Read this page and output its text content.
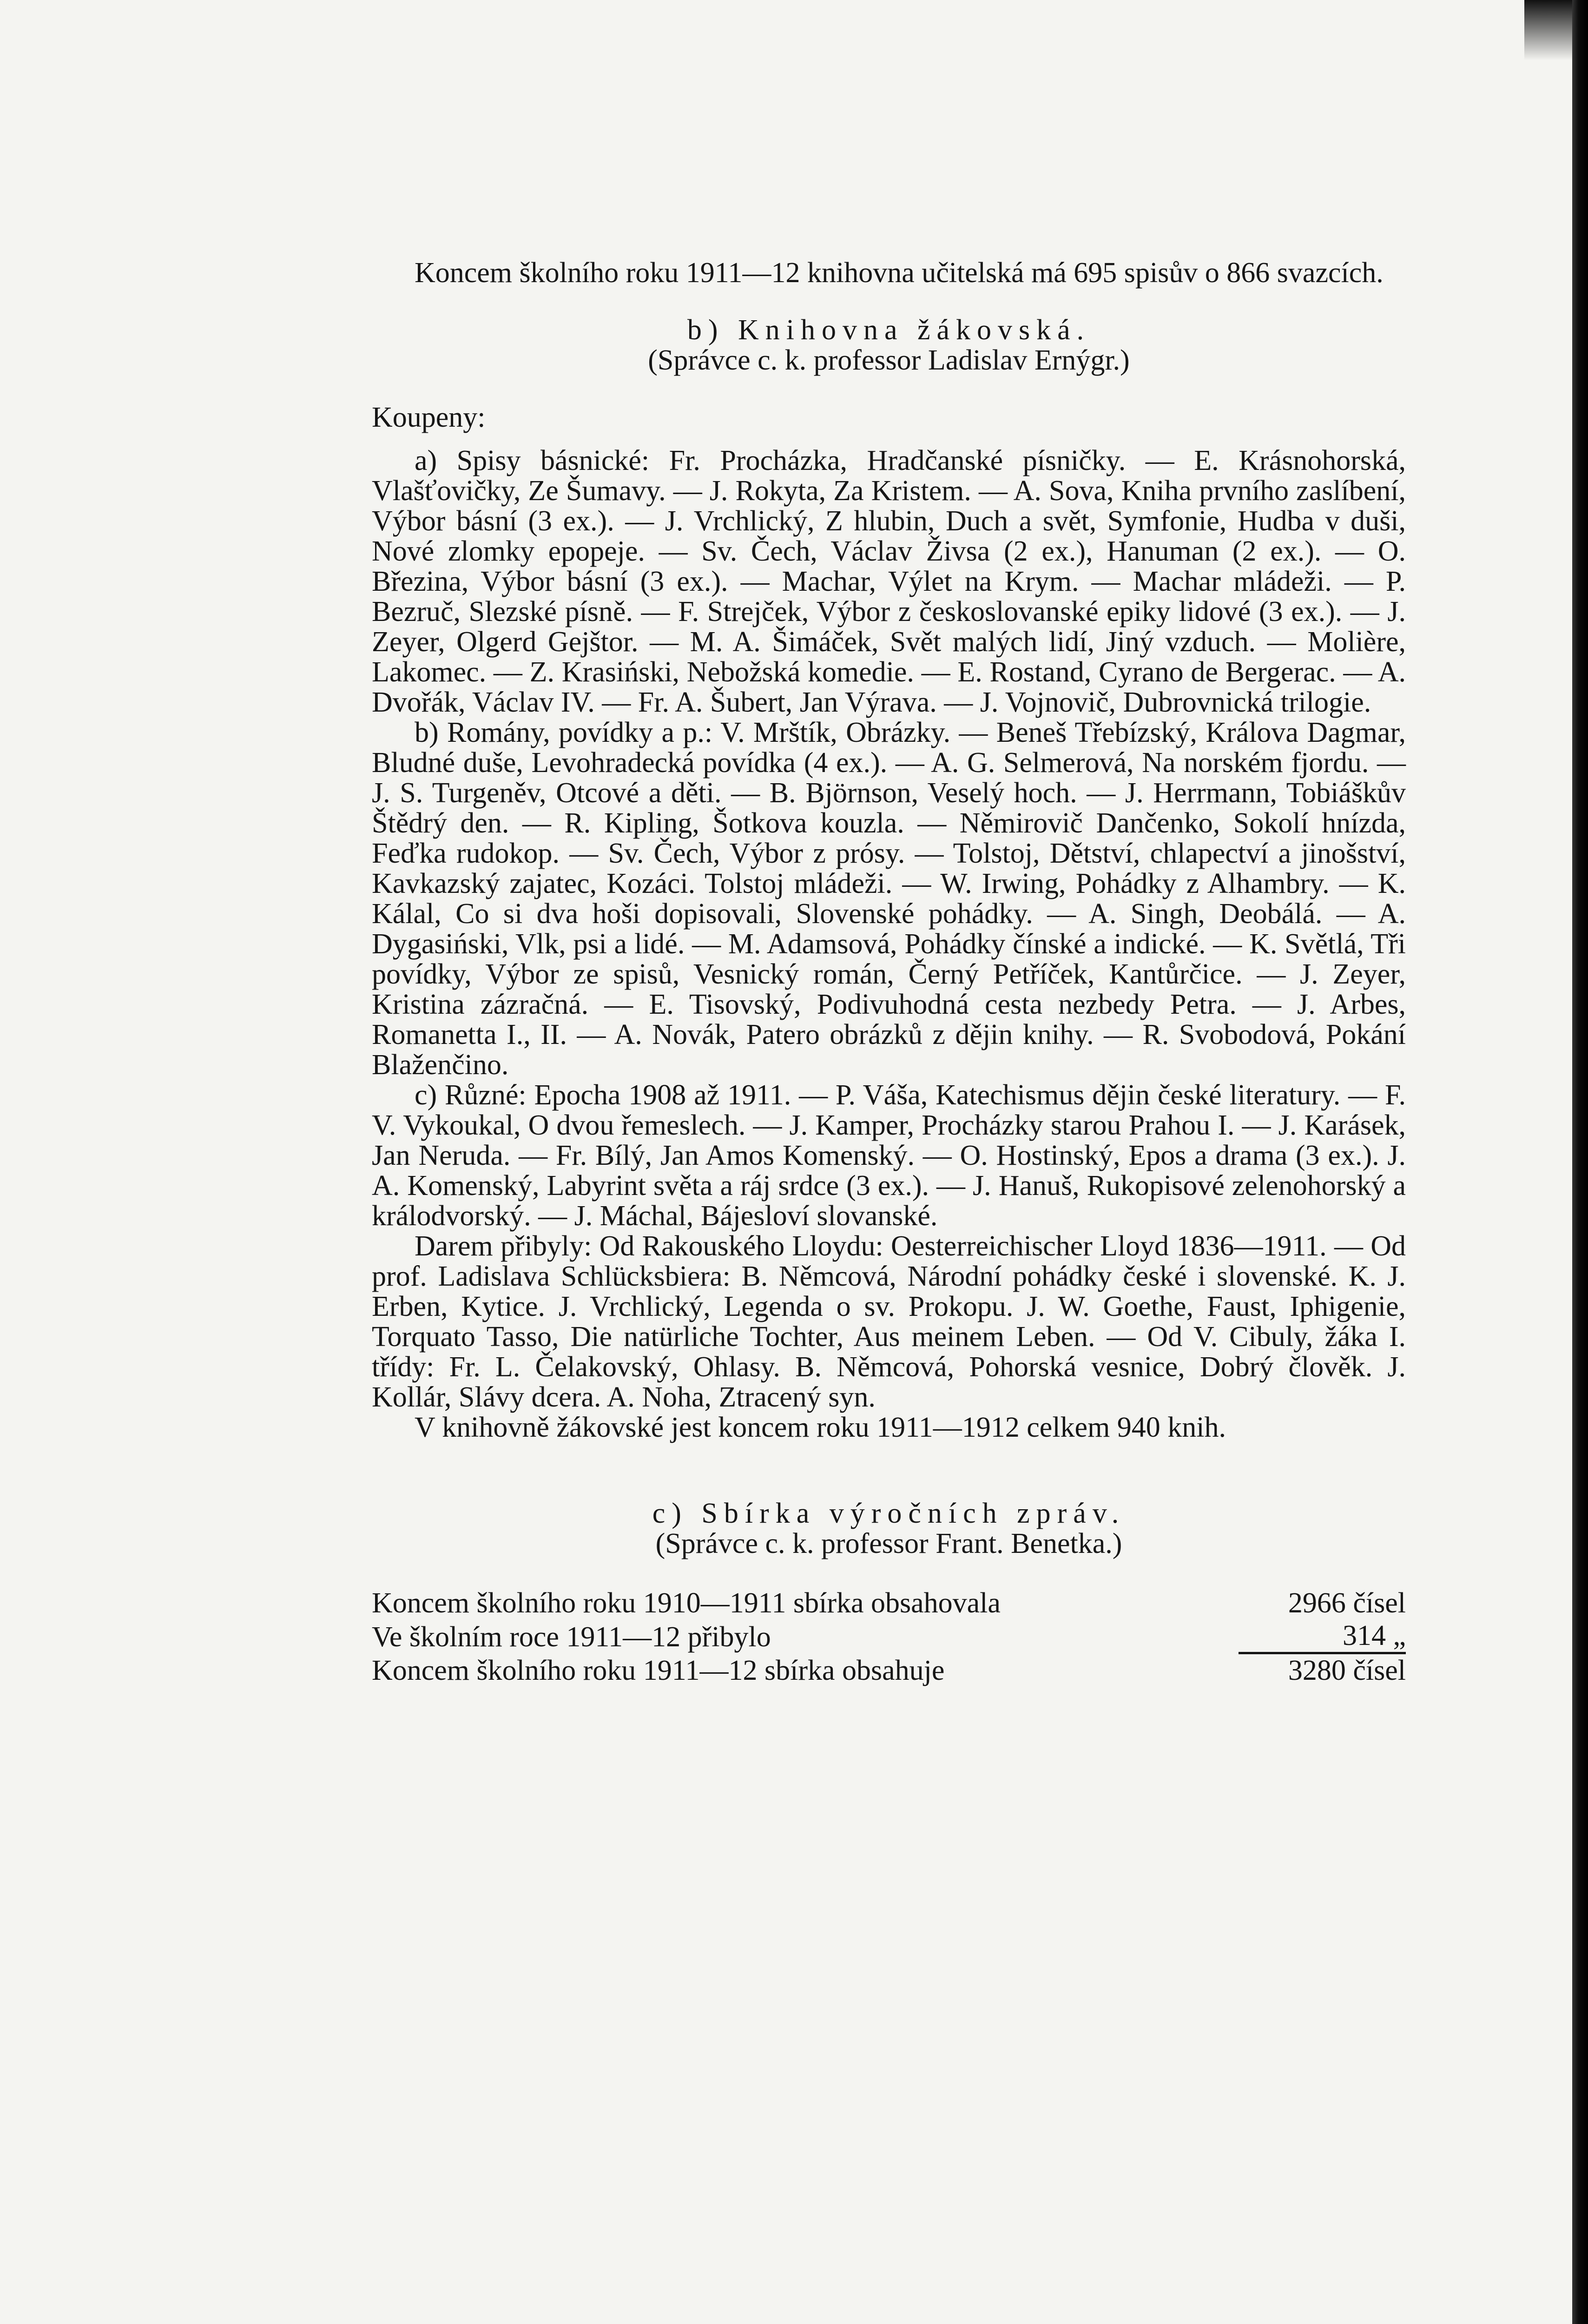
Koncem školního roku 1911—12 knihovna učitelská má 695 spisův o 866 svazcích.

b) Knihovna žákovská.

(Správce c. k. professor Ladislav Ernýgr.)

Koupeny:

a) Spisy básnické: Fr. Procházka, Hradčanské písničky. — E. Krásnohorská, Vlašťovičky, Ze Šumavy. — J. Rokyta, Za Kristem. — A. Sova, Kniha prvního zaslíbení, Výbor básní (3 ex.). — J. Vrchlický, Z hlubin, Duch a svět, Symfonie, Hudba v duši, Nové zlomky epopeje. — Sv. Čech, Václav Živsa (2 ex.), Hanuman (2 ex.). — O. Březina, Výbor básní (3 ex.). — Machar, Výlet na Krym. — Machar mládeži. — P. Bezruč, Slezské písně. — F. Strejček, Výbor z českoslovanské epiky lidové (3 ex.). — J. Zeyer, Olgerd Gejštor. — M. A. Šimáček, Svět malých lidí, Jiný vzduch. — Molière, Lakomec. — Z. Krasiński, Nebožská komedie. — E. Rostand, Cyrano de Bergerac. — A. Dvořák, Václav IV. — Fr. A. Šubert, Jan Výrava. — J. Vojnovič, Dubrovnická trilogie.

b) Romány, povídky a p.: V. Mrštík, Obrázky. — Beneš Třebízský, Králova Dagmar, Bludné duše, Levohradecká povídka (4 ex.). — A. G. Selmerová, Na norském fjordu. — J. S. Turgeněv, Otcové a děti. — B. Björnson, Veselý hoch. — J. Herrmann, Tobiáškův Štědrý den. — R. Kipling, Šotkova kouzla. — Němirovič Dančenko, Sokolí hnízda, Feďka rudokop. — Sv. Čech, Výbor z prósy. — Tolstoj, Dětství, chlapectví a jinošství, Kavkazský zajatec, Kozáci. Tolstoj mládeži. — W. Irwing, Pohádky z Alhambry. — K. Kálal, Co si dva hoši dopisovali, Slovenské pohádky. — A. Singh, Deobálá. — A. Dygasiński, Vlk, psi a lidé. — M. Adamsová, Pohádky čínské a indické. — K. Světlá, Tři povídky, Výbor ze spisů, Vesnický román, Černý Petříček, Kantůrčice. — J. Zeyer, Kristina zázračná. — E. Tisovský, Podivuhodná cesta nezbedy Petra. — J. Arbes, Romanetta I., II. — A. Novák, Patero obrázků z dějin knihy. — R. Svobodová, Pokání Blaženčino.

c) Různé: Epocha 1908 až 1911. — P. Váša, Katechismus dějin české literatury. — F. V. Vykoukal, O dvou řemeslech. — J. Kamper, Procházky starou Prahou I. — J. Karásek, Jan Neruda. — Fr. Bílý, Jan Amos Komenský. — O. Hostinský, Epos a drama (3 ex.). J. A. Komenský, Labyrint světa a ráj srdce (3 ex.). — J. Hanuš, Rukopisové zelenohorský a králodvorský. — J. Máchal, Bájesloví slovanské.

Darem přibyly: Od Rakouského Lloydu: Oesterreichischer Lloyd 1836—1911. — Od prof. Ladislava Schlücksbiera: B. Němcová, Národní pohádky české i slovenské. K. J. Erben, Kytice. J. Vrchlický, Legenda o sv. Prokopu. J. W. Goethe, Faust, Iphigenie, Torquato Tasso, Die natürliche Tochter, Aus meinem Leben. — Od V. Cibuly, žáka I. třídy: Fr. L. Čelakovský, Ohlasy. B. Němcová, Pohorská vesnice, Dobrý člověk. J. Kollár, Slávy dcera. A. Noha, Ztracený syn.

V knihovně žákovské jest koncem roku 1911—1912 celkem 940 knih.

c) Sbírka výročních zpráv.

(Správce c. k. professor Frant. Benetka.)

Koncem školního roku 1910—1911 sbírka obsahovala	2966 čísel
Ve školním roce 1911—12 přibylo	314 „
Koncem školního roku 1911—12 sbírka obsahuje	3280 čísel
